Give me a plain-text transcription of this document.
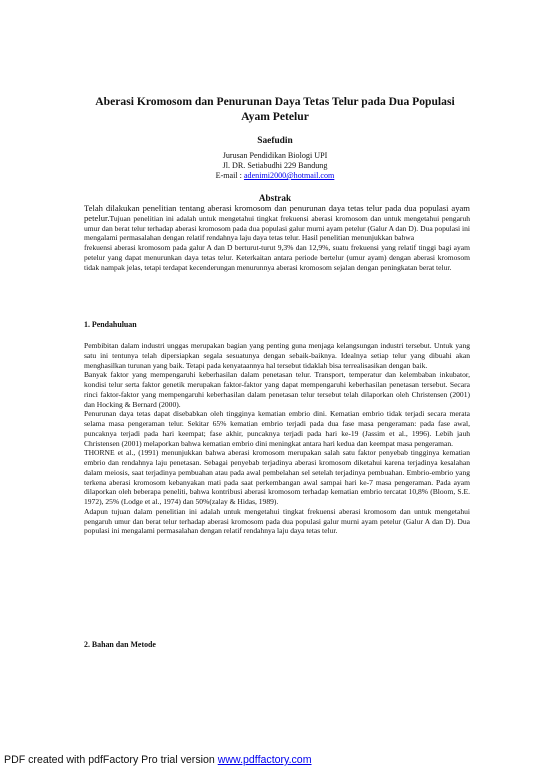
Aberasi Kromosom dan Penurunan Daya Tetas Telur pada Dua Populasi
Ayam Petelur
Saefudin
Jurusan Pendidikan Biologi UPI
Jl. DR. Setiabudhi 229 Bandung
E-mail : adenimi2000@hotmail.com
Abstrak

Telah dilakukan penelitian tentang aberasi kromosom dan penurunan daya tetas telur pada dua populasi ayam petelur.Tujuan penelitian ini adalah untuk mengetahui tingkat frekuensi aberasi kromosom dan untuk mengetahui pengaruh umur dan berat telur terhadap aberasi kromosom pada dua populasi galur murni ayam petelur (Galur A dan D). Dua populasi ini mengalami permasalahan dengan relatif rendahnya laju daya tetas telur. Hasil penelitian menunjukkan bahwa

frekuensi aberasi kromosom pada galur A dan D berturut-turut 9,3% dan 12,9%, suatu frekuensi yang relatif tinggi bagi ayam petelur yang dapat menurunkan daya tetas telur. Keterkaitan antara periode bertelur (umur ayam) dengan aberasi kromosom tidak nampak jelas, tetapi terdapat kecenderungan menurunnya aberasi kromosom sejalan dengan peningkatan berat telur.

1. Pendahuluan

Pembibitan dalam industri unggas merupakan bagian yang penting guna menjaga kelangsungan industri tersebut. Untuk yang satu ini tentunya telah dipersiapkan segala sesuatunya dengan sebaik-baiknya. Idealnya setiap telur yang dibuahi akan menghasilkan turunan yang baik. Tetapi pada kenyataannya hal tersebut tidaklah bisa terrealisasikan dengan baik.

Banyak faktor yang mempengaruhi keberhasilan dalam penetasan telur. Transport, temperatur dan kelembaban inkubator, kondisi telur serta faktor genetik merupakan faktor-faktor yang dapat mempengaruhi keberhasilan penetasan tersebut. Secara rinci faktor-faktor yang mempengaruhi keberhasilan dalam penetasan telur tersebut telah dilaporkan oleh Christensen (2001) dan Hocking & Bernard (2000).

Penurunan daya tetas dapat disebabkan oleh tingginya kematian embrio dini. Kematian embrio tidak terjadi secara merata selama masa pengeraman telur. Sekitar 65% kematian embrio terjadi pada dua fase masa pengeraman: pada fase awal, puncaknya terjadi pada hari keempat; fase akhir, puncaknya terjadi pada hari ke-19 (Jassim et al., 1996). Lebih jauh Christensen (2001) melaporkan bahwa kematian embrio dini meningkat antara hari kedua dan keempat masa pengeraman.

THORNE et al., (1991) menunjukkan bahwa aberasi kromosom merupakan salah satu faktor penyebab tingginya kematian embrio dan rendahnya laju penetasan. Sebagai penyebab terjadinya aberasi kromosom diketahui karena terjadinya kesalahan dalam meiosis, saat terjadinya pembuahan atau pada awal pembelahan sel setelah terjadinya pembuahan. Embrio-embrio yang terkena aberasi kromosom kebanyakan mati pada saat perkembangan awal sampai hari ke-7 masa pengeraman. Pada ayam dilaporkan oleh beberapa peneliti, bahwa kontribusi aberasi kromosom terhadap kematian embrio tercatat 10,8% (Bloom, S.E. 1972), 25% (Lodge et al., 1974) dan 50%(zalay & Hidas, 1989).

Adapun tujuan dalam penelitian ini adalah untuk mengetahui tingkat frekuensi aberasi kromosom dan untuk mengetahui pengaruh umur dan berat telur terhadap aberasi kromosom pada dua populasi galur murni ayam petelur (Galur A dan D). Dua populasi ini mengalami permasalahan dengan relatif rendahnya laju daya tetas telur.

2. Bahan dan Metode
PDF created with pdfFactory Pro trial version www.pdffactory.com
